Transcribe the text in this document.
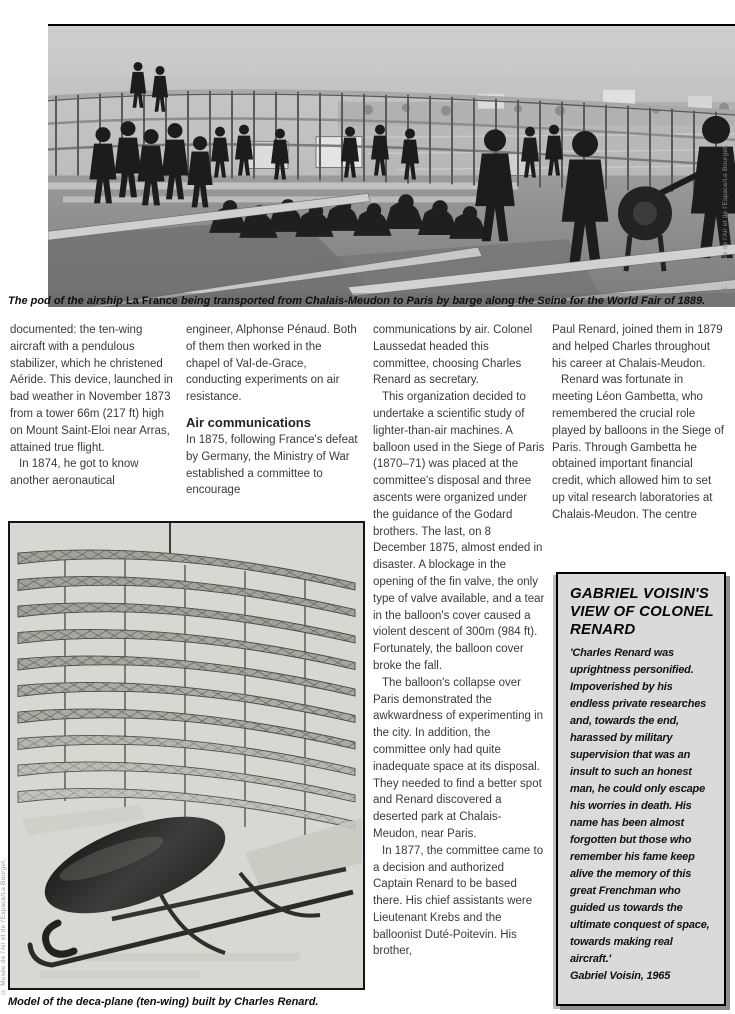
C. © Musée de l'Air et de l'Espace/Le Bourget.

The pod of the airship La France being transported from Chalais-Meudon to Paris by barge along the Seine for the World Fair of 1889.

documented: the ten-wing aircraft with a pendulous stabilizer, which he christened Aéride. This device, launched in bad weather in November 1873 from a tower 66m (217 ft) high on Mount Saint-Eloi near Arras, attained true flight.

In 1874, he got to know another aeronautical

engineer, Alphonse Pénaud. Both of them then worked in the chapel of Val-de-Grace, conducting experiments on air resistance.

Air communications

In 1875, following France's defeat by Germany, the Ministry of War established a committee to encourage

communications by air. Colonel Laussedat headed this committee, choosing Charles Renard as secretary.

This organization decided to undertake a scientific study of lighter-than-air machines. A balloon used in the Siege of Paris (1870–71) was placed at the committee's disposal and three ascents were organized under the guidance of the Godard brothers. The last, on 8 December 1875, almost ended in disaster. A blockage in the opening of the fin valve, the only type of valve available, and a tear in the balloon's cover caused a violent descent of 300m (984 ft). Fortunately, the balloon cover broke the fall.

The balloon's collapse over Paris demonstrated the awkwardness of experimenting in the city. In addition, the committee only had quite inadequate space at its disposal. They needed to find a better spot and Renard discovered a deserted park at Chalais-Meudon, near Paris.

In 1877, the committee came to a decision and authorized Captain Renard to be based there. His chief assistants were Lieutenant Krebs and the balloonist Duté-Poitevin. His brother,

Paul Renard, joined them in 1879 and helped Charles throughout his career at Chalais-Meudon.

Renard was fortunate in meeting Léon Gambetta, who remembered the crucial role played by balloons in the Siege of Paris. Through Gambetta he obtained important financial credit, which allowed him to set up vital research laboratories at Chalais-Meudon. The centre

Model of the deca-plane (ten-wing) built by Charles Renard.

© Musée de l'Air et de l'Espace/Le Bourget.
GABRIEL VOISIN'S VIEW OF COLONEL RENARD

'Charles Renard was uprightness personified. Impoverished by his endless private researches and, towards the end, harassed by military supervision that was an insult to such an honest man, he could only escape his worries in death. His name has been almost forgotten but those who remember his fame keep alive the memory of this great Frenchman who guided us towards the ultimate conquest of space, towards making real aircraft.'

Gabriel Voisin, 1965
